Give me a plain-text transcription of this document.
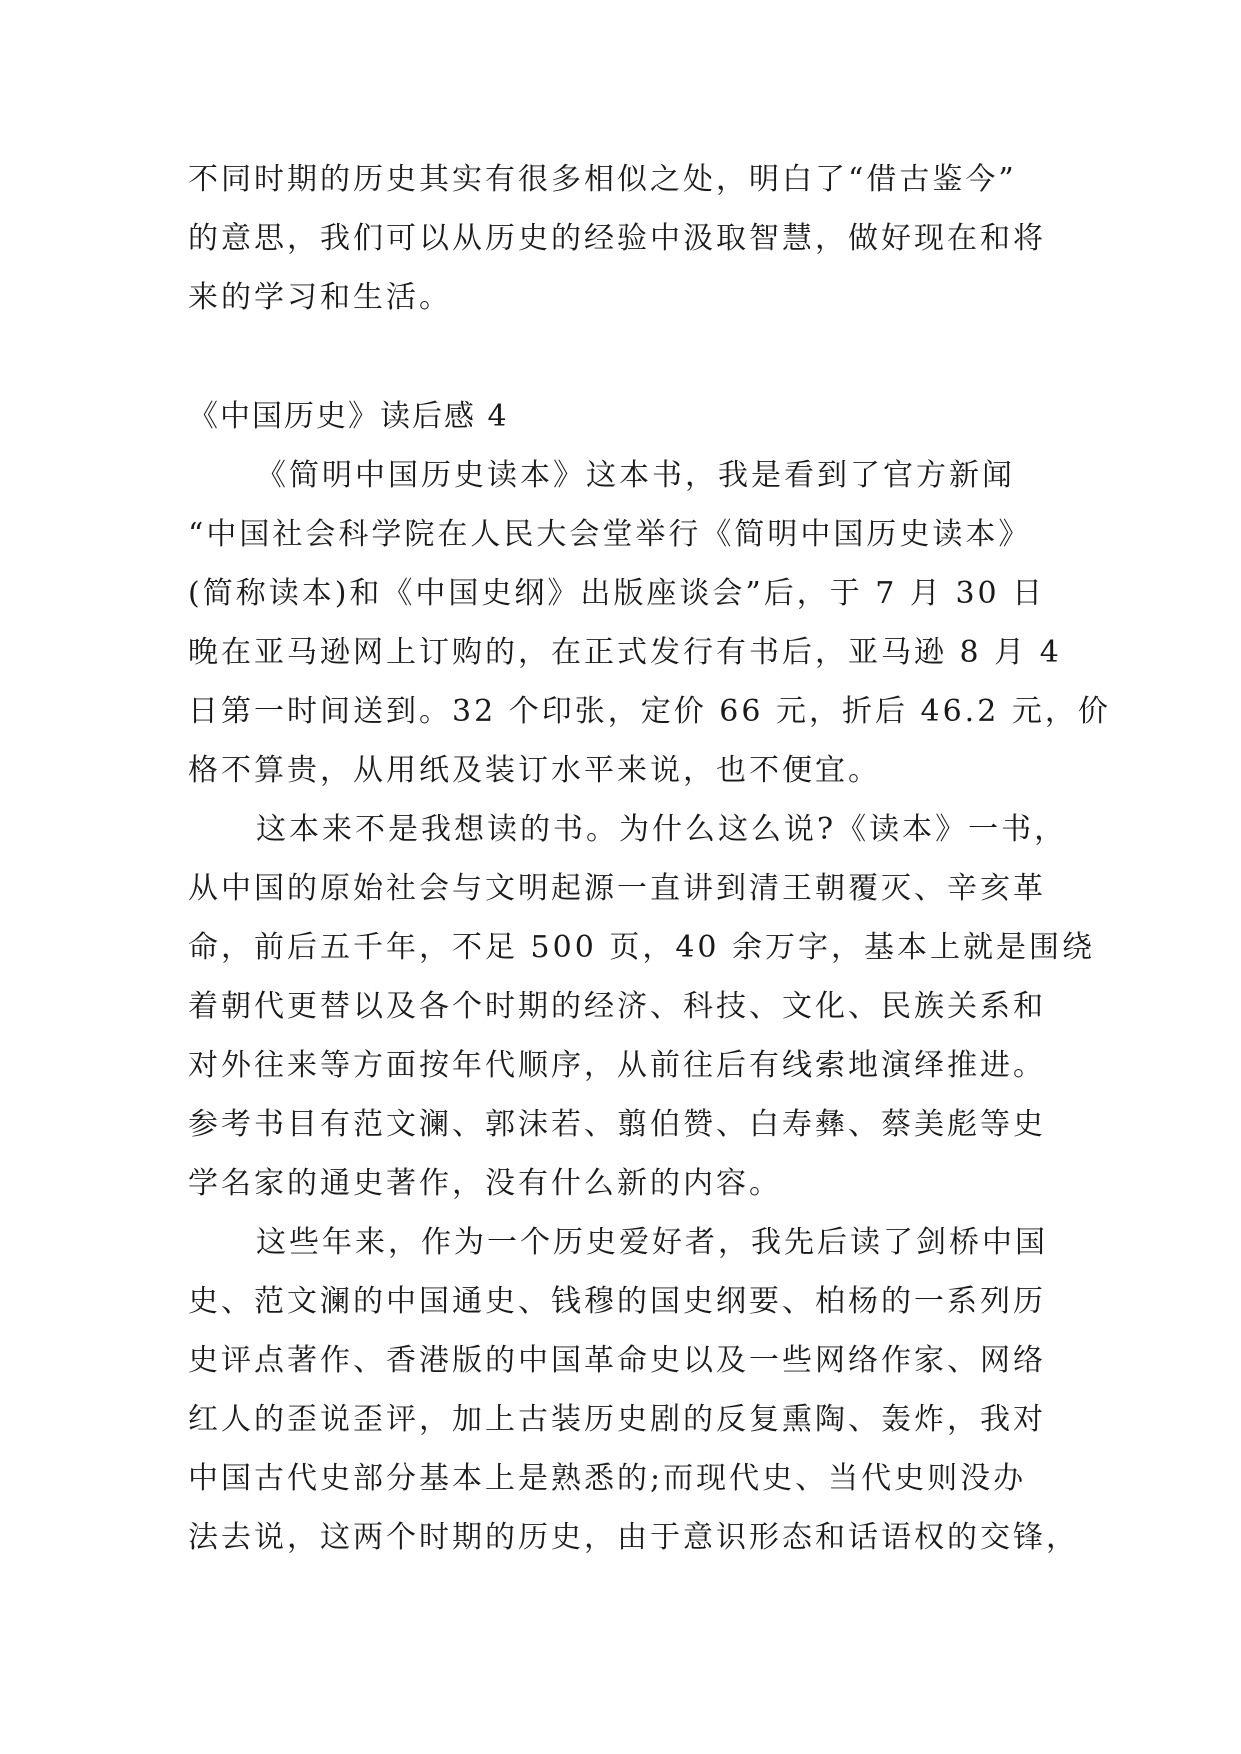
不同时期的历史其实有很多相似之处，明白了“借古鉴今”
的意思，我们可以从历史的经验中汲取智慧，做好现在和将
来的学习和生活。
《中国历史》读后感 4
《简明中国历史读本》这本书，我是看到了官方新闻
“中国社会科学院在人民大会堂举行《简明中国历史读本》
(简称读本)和《中国史纲》出版座谈会”后，于 7 月 30 日
晚在亚马逊网上订购的，在正式发行有书后，亚马逊 8 月 4
日第一时间送到。32 个印张，定价 66 元，折后 46.2 元，价
格不算贵，从用纸及装订水平来说，也不便宜。
这本来不是我想读的书。为什么这么说?《读本》一书，
从中国的原始社会与文明起源一直讲到清王朝覆灭、辛亥革
命，前后五千年，不足 500 页，40 余万字，基本上就是围绕
着朝代更替以及各个时期的经济、科技、文化、民族关系和
对外往来等方面按年代顺序，从前往后有线索地演绎推进。
参考书目有范文澜、郭沫若、翦伯赞、白寿彝、蔡美彪等史
学名家的通史著作，没有什么新的内容。
这些年来，作为一个历史爱好者，我先后读了剑桥中国
史、范文澜的中国通史、钱穆的国史纲要、柏杨的一系列历
史评点著作、香港版的中国革命史以及一些网络作家、网络
红人的歪说歪评，加上古装历史剧的反复熏陶、轰炸，我对
中国古代史部分基本上是熟悉的;而现代史、当代史则没办
法去说，这两个时期的历史，由于意识形态和话语权的交锋，
